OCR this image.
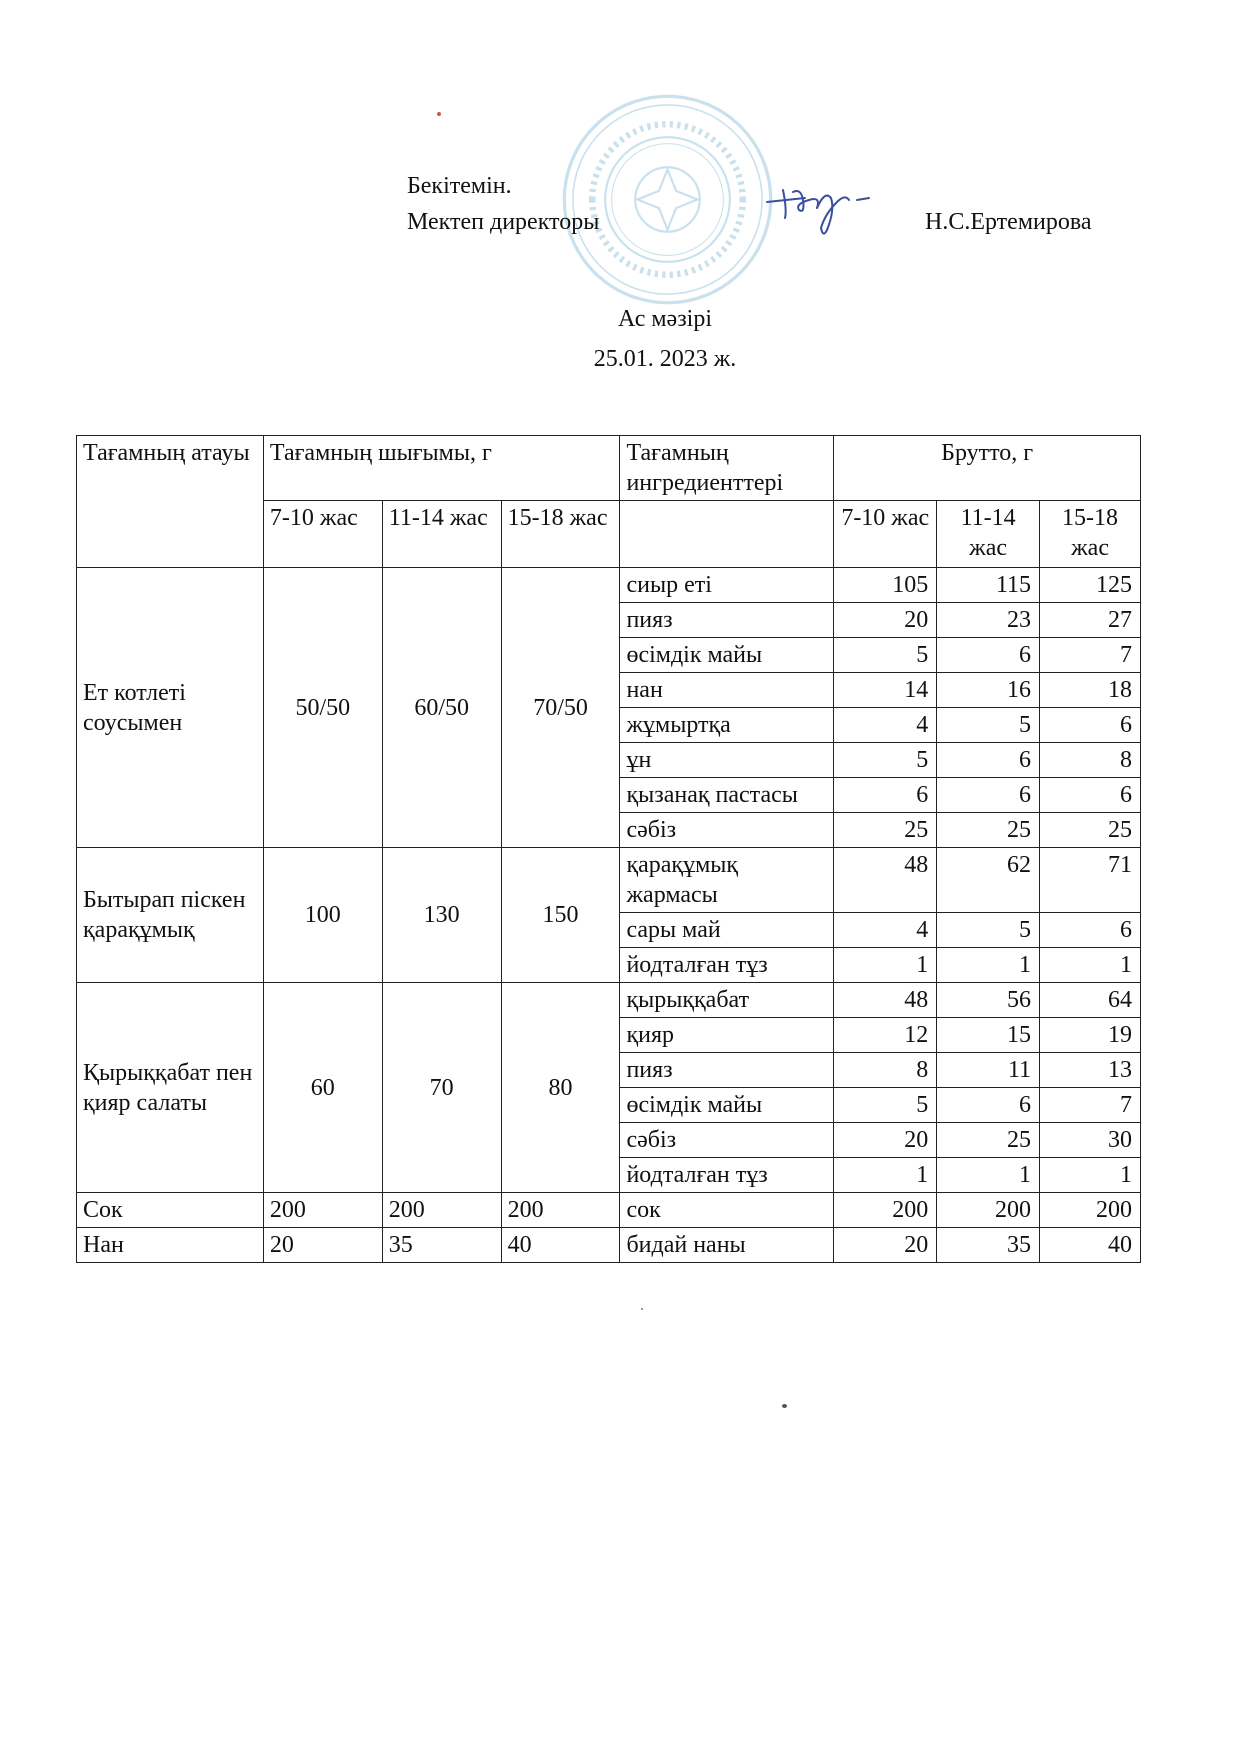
Бекітемін.
Мектеп директоры	Н.С.Ертемирова
Ас мәзірі
25.01. 2023 ж.
Тағамның атауы	Тағамның шығымы, г			Тағамның ингредиенттері	Брутто, г		
	7-10 жас	11-14 жас	15-18 жас		7-10 жас	11-14 жас	15-18 жас
Ет котлеті соусымен	50/50	60/50	70/50	сиыр еті	105	115	125
				пияз	20	23	27
				өсімдік майы	5	6	7
				нан	14	16	18
				жұмыртқа	4	5	6
				ұн	5	6	8
				қызанақ пастасы	6	6	6
				сәбіз	25	25	25
Бытырап піскен қарақұмық	100	130	150	қарақұмық жармасы	48	62	71
				сары май	4	5	6
				йодталған тұз	1	1	1
Қырыққабат пен қияр салаты	60	70	80	қырыққабат	48	56	64
				қияр	12	15	19
				пияз	8	11	13
				өсімдік майы	5	6	7
				сәбіз	20	25	30
				йодталған тұз	1	1	1
Сок	200	200	200	сок	200	200	200
Нан	20	35	40	бидай наны	20	35	40
